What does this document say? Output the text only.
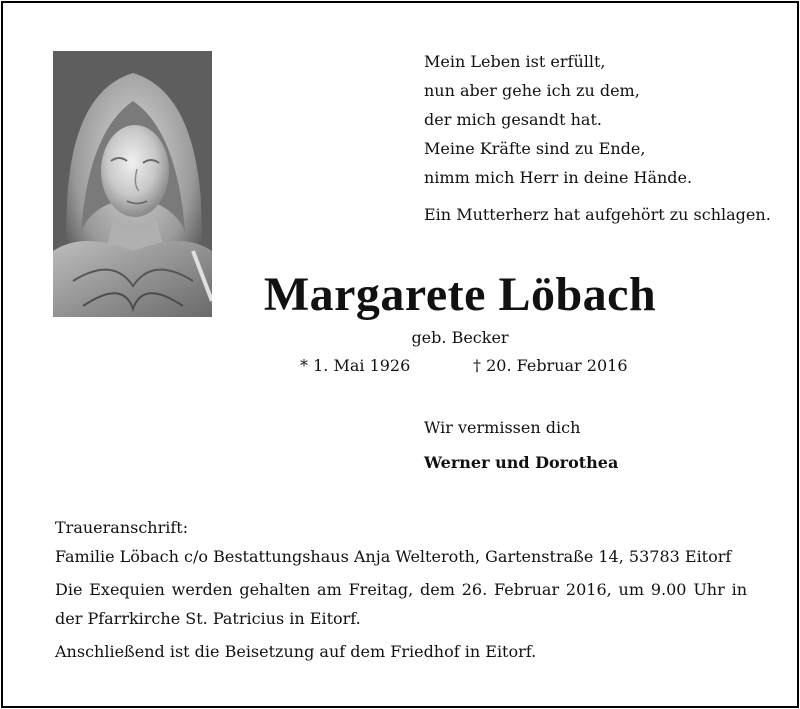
Mein Leben ist erfüllt,
nun aber gehe ich zu dem,
der mich gesandt hat.
Meine Kräfte sind zu Ende,
nimm mich Herr in deine Hände.
Ein Mutterherz hat aufgehört zu schlagen.
Margarete Löbach
geb. Becker
* 1. Mai 1926	† 20. Februar 2016
Wir vermissen dich
Werner und Dorothea

Traueranschrift:

Familie Löbach c/o Bestattungshaus Anja Welteroth, Gartenstraße 14, 53783 Eitorf

Die Exequien werden gehalten am Freitag, dem 26. Februar 2016, um 9.00 Uhr in der Pfarrkirche St. Patricius in Eitorf.

Anschließend ist die Beisetzung auf dem Friedhof in Eitorf.
